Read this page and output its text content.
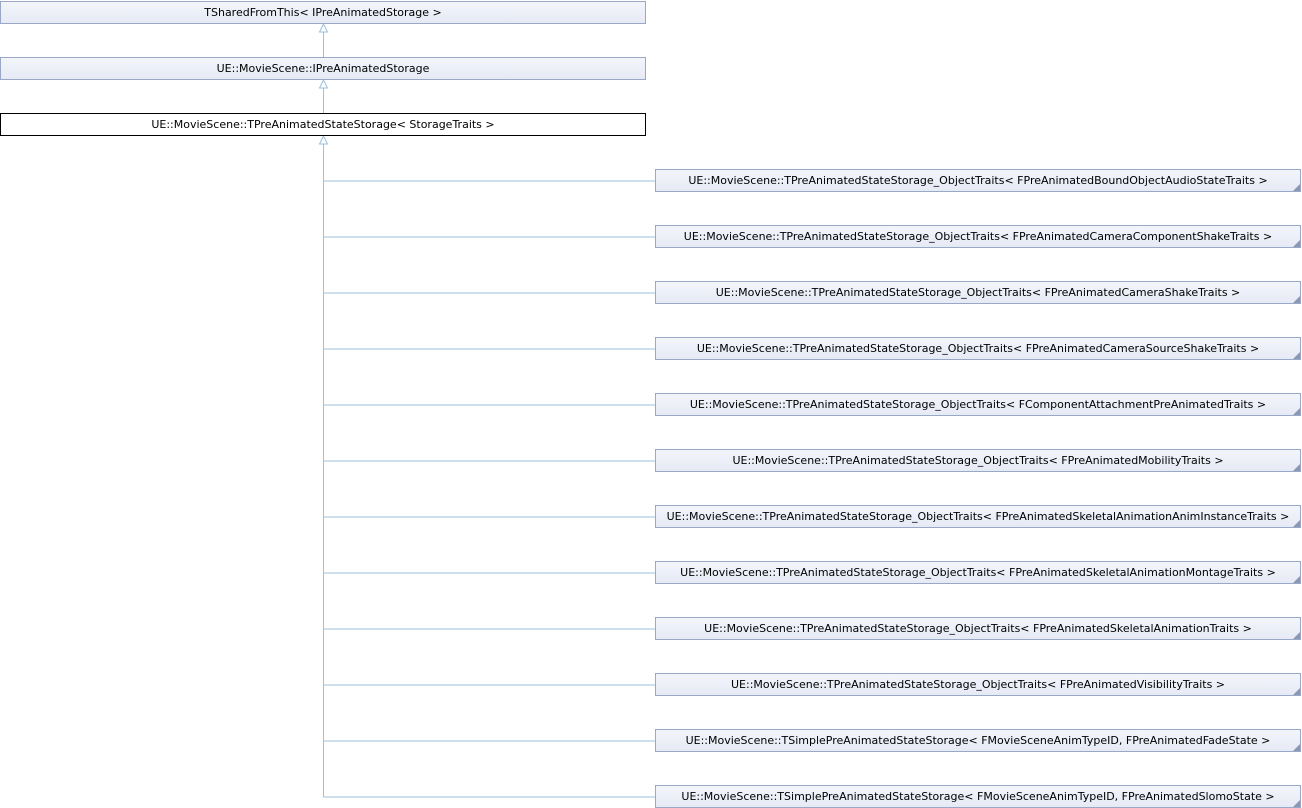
TSharedFromThis< IPreAnimatedStorage >
UE::MovieScene::IPreAnimatedStorage
UE::MovieScene::TPreAnimatedStateStorage< StorageTraits >
UE::MovieScene::TPreAnimatedStateStorage_ObjectTraits< FPreAnimatedBoundObjectAudioStateTraits >
UE::MovieScene::TPreAnimatedStateStorage_ObjectTraits< FPreAnimatedCameraComponentShakeTraits >
UE::MovieScene::TPreAnimatedStateStorage_ObjectTraits< FPreAnimatedCameraShakeTraits >
UE::MovieScene::TPreAnimatedStateStorage_ObjectTraits< FPreAnimatedCameraSourceShakeTraits >
UE::MovieScene::TPreAnimatedStateStorage_ObjectTraits< FComponentAttachmentPreAnimatedTraits >
UE::MovieScene::TPreAnimatedStateStorage_ObjectTraits< FPreAnimatedMobilityTraits >
UE::MovieScene::TPreAnimatedStateStorage_ObjectTraits< FPreAnimatedSkeletalAnimationAnimInstanceTraits >
UE::MovieScene::TPreAnimatedStateStorage_ObjectTraits< FPreAnimatedSkeletalAnimationMontageTraits >
UE::MovieScene::TPreAnimatedStateStorage_ObjectTraits< FPreAnimatedSkeletalAnimationTraits >
UE::MovieScene::TPreAnimatedStateStorage_ObjectTraits< FPreAnimatedVisibilityTraits >
UE::MovieScene::TSimplePreAnimatedStateStorage< FMovieSceneAnimTypeID, FPreAnimatedFadeState >
UE::MovieScene::TSimplePreAnimatedStateStorage< FMovieSceneAnimTypeID, FPreAnimatedSlomoState >
